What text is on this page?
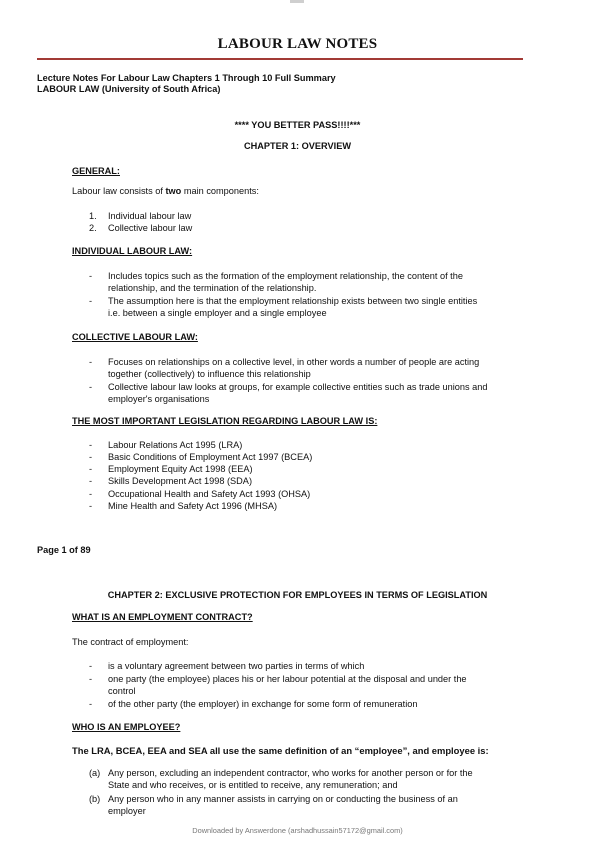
LABOUR LAW NOTES
Lecture Notes For Labour Law Chapters 1 Through 10 Full Summary
LABOUR LAW (University of South Africa)
**** YOU BETTER PASS!!!!***
CHAPTER 1: OVERVIEW
GENERAL:
Labour law consists of two main components:
1. Individual labour law
2. Collective labour law
INDIVIDUAL LABOUR LAW:
- Includes topics such as the formation of the employment relationship, the content of the
relationship, and the termination of the relationship.
- The assumption here is that the employment relationship exists between two single entities
i.e. between a single employer and a single employee
COLLECTIVE LABOUR LAW:
- Focuses on relationships on a collective level, in other words a number of people are acting
together (collectively) to influence this relationship
- Collective labour law looks at groups, for example collective entities such as trade unions and
employer's organisations
THE MOST IMPORTANT LEGISLATION REGARDING LABOUR LAW IS:
- Labour Relations Act 1995 (LRA)
- Basic Conditions of Employment Act 1997 (BCEA)
- Employment Equity Act 1998 (EEA)
- Skills Development Act 1998 (SDA)
- Occupational Health and Safety Act 1993 (OHSA)
- Mine Health and Safety Act 1996 (MHSA)
Page 1 of 89
CHAPTER 2: EXCLUSIVE PROTECTION FOR EMPLOYEES IN TERMS OF LEGISLATION
WHAT IS AN EMPLOYMENT CONTRACT?
The contract of employment:
- is a voluntary agreement between two parties in terms of which
- one party (the employee) places his or her labour potential at the disposal and under the
control
- of the other party (the employer) in exchange for some form of remuneration
WHO IS AN EMPLOYEE?
The LRA, BCEA, EEA and SEA all use the same definition of an “employee”, and employee is:
(a) Any person, excluding an independent contractor, who works for another person or for the
State and who receives, or is entitled to receive, any remuneration; and
(b) Any person who in any manner assists in carrying on or conducting the business of an
employer
Downloaded by Answerdone (arshadhussain57172@gmail.com)
